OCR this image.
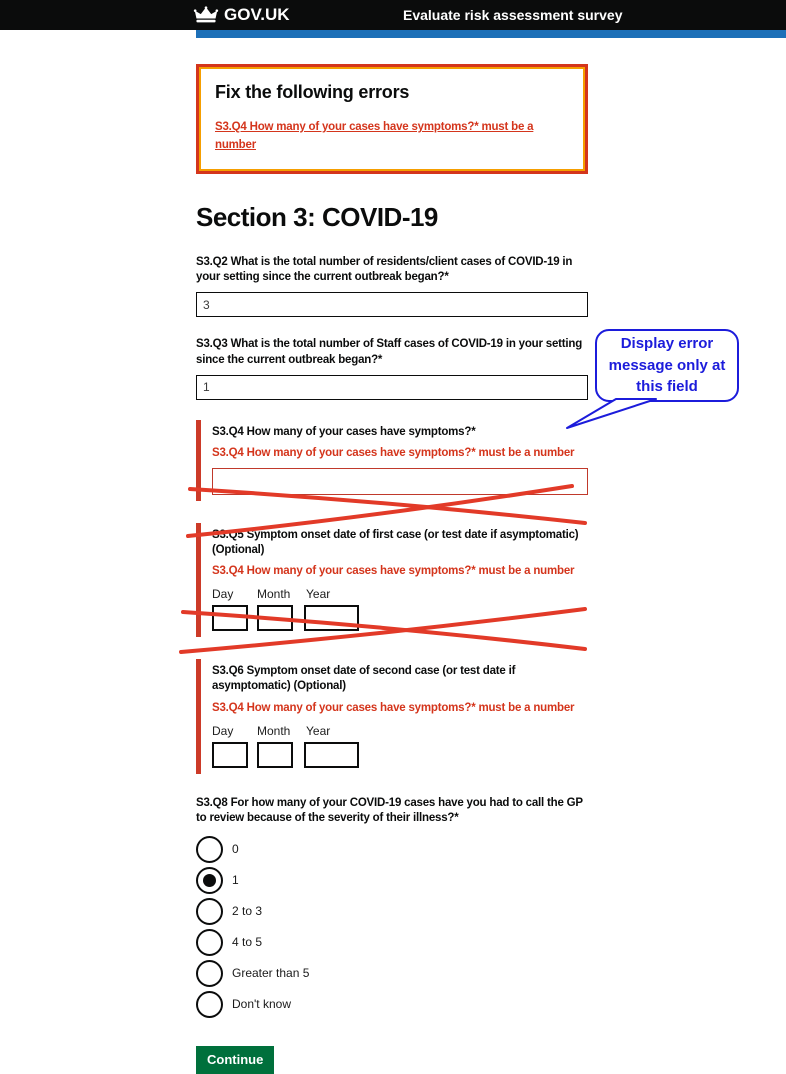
GOV.UK	Evaluate risk assessment survey
Fix the following errors
S3.Q4 How many of your cases have symptoms?* must be a number
Section 3: COVID-19
S3.Q2 What is the total number of residents/client cases of COVID-19 in your setting since the current outbreak began?*
3
S3.Q3 What is the total number of Staff cases of COVID-19 in your setting since the current outbreak began?*
1
S3.Q4 How many of your cases have symptoms?*
S3.Q4 How many of your cases have symptoms?* must be a number
S3.Q5 Symptom onset date of first case (or test date if asymptomatic) (Optional)
S3.Q4 How many of your cases have symptoms?* must be a number
Day	Month	Year
S3.Q6 Symptom onset date of second case (or test date if asymptomatic) (Optional)
S3.Q4 How many of your cases have symptoms?* must be a number
Day	Month	Year
S3.Q8 For how many of your COVID-19 cases have you had to call the GP to review because of the severity of their illness?*
0
1
2 to 3
4 to 5
Greater than 5
Don't know
Continue
Display error message only at this field
